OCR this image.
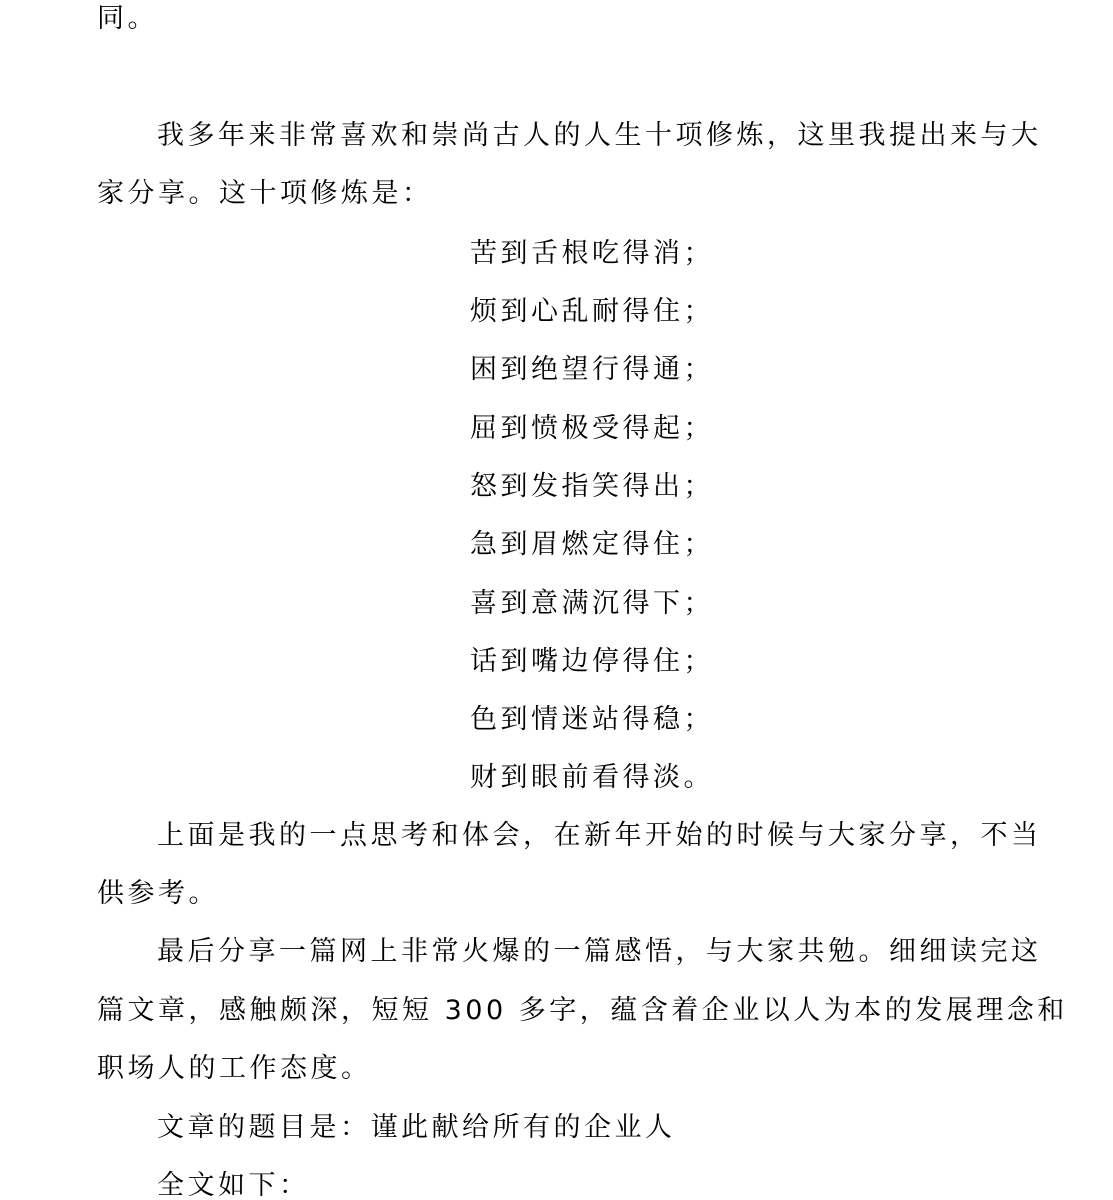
同。
我多年来非常喜欢和崇尚古人的人生十项修炼，这里我提出来与大
家分享。这十项修炼是：
苦到舌根吃得消；
烦到心乱耐得住；
困到绝望行得通；
屈到愤极受得起；
怒到发指笑得出；
急到眉燃定得住；
喜到意满沉得下；
话到嘴边停得住；
色到情迷站得稳；
财到眼前看得淡。
上面是我的一点思考和体会，在新年开始的时候与大家分享，不当
供参考。
最后分享一篇网上非常火爆的一篇感悟，与大家共勉。细细读完这
篇文章，感触颇深，短短 300 多字，蕴含着企业以人为本的发展理念和
职场人的工作态度。
文章的题目是：谨此献给所有的企业人
全文如下：
